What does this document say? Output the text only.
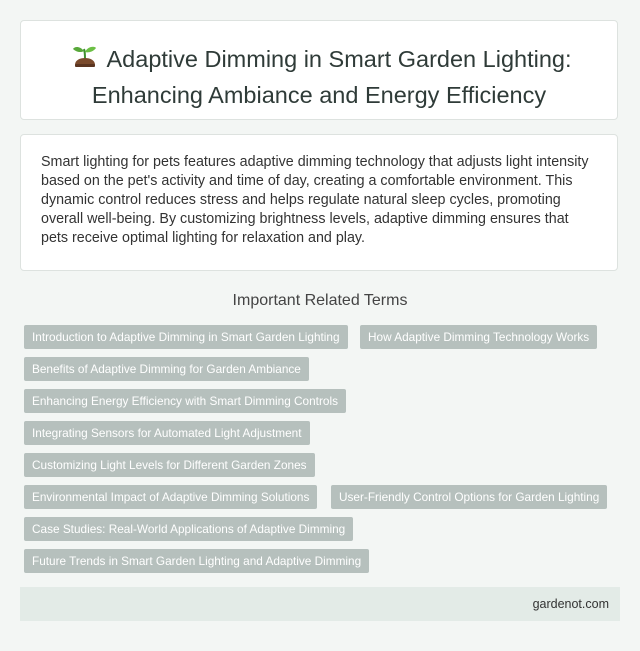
Adaptive Dimming in Smart Garden Lighting:
Enhancing Ambiance and Energy Efficiency

Smart lighting for pets features adaptive dimming technology that adjusts light intensity based on the pet's activity and time of day, creating a comfortable environment. This dynamic control reduces stress and helps regulate natural sleep cycles, promoting overall well-being. By customizing brightness levels, adaptive dimming ensures that pets receive optimal lighting for relaxation and play.

Important Related Terms
Introduction to Adaptive Dimming in Smart Garden Lighting	How Adaptive Dimming Technology Works
Benefits of Adaptive Dimming for Garden Ambiance
Enhancing Energy Efficiency with Smart Dimming Controls
Integrating Sensors for Automated Light Adjustment
Customizing Light Levels for Different Garden Zones
Environmental Impact of Adaptive Dimming Solutions	User-Friendly Control Options for Garden Lighting
Case Studies: Real-World Applications of Adaptive Dimming
Future Trends in Smart Garden Lighting and Adaptive Dimming
gardenot.com
